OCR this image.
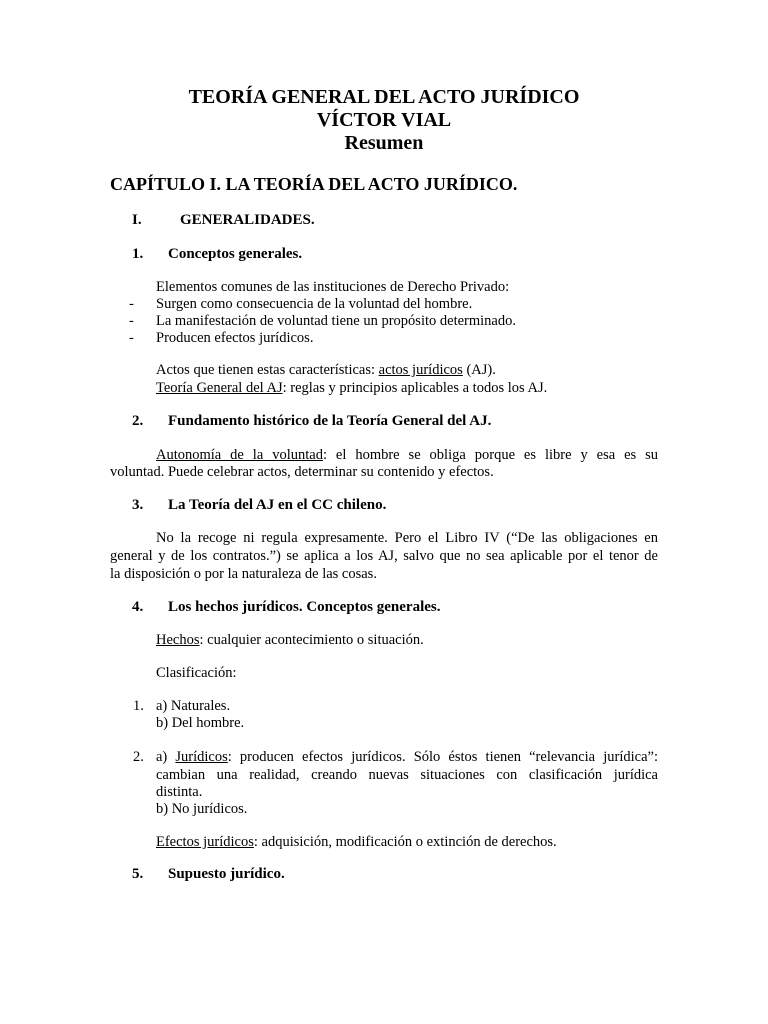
TEORÍA GENERAL DEL ACTO JURÍDICO
VÍCTOR VIAL
Resumen
CAPÍTULO I. LA TEORÍA DEL ACTO JURÍDICO.
I.	GENERALIDADES.
1. Conceptos generales.
Elementos comunes de las instituciones de Derecho Privado:
- Surgen como consecuencia de la voluntad del hombre.
- La manifestación de voluntad tiene un propósito determinado.
- Producen efectos jurídicos.
Actos que tienen estas características: actos jurídicos (AJ).
Teoría General del AJ: reglas y principios aplicables a todos los AJ.
2. Fundamento histórico de la Teoría General del AJ.
Autonomía de la voluntad: el hombre se obliga porque es libre y esa es su
voluntad. Puede celebrar actos, determinar su contenido y efectos.
3. La Teoría del AJ en el CC chileno.
No la recoge ni regula expresamente. Pero el Libro IV (“De las obligaciones en
general y de los contratos.”) se aplica a los AJ, salvo que no sea aplicable por el tenor de
la disposición o por la naturaleza de las cosas.
4. Los hechos jurídicos. Conceptos generales.
Hechos: cualquier acontecimiento o situación.
Clasificación:
1. a) Naturales.
b) Del hombre.
2. a) Jurídicos: producen efectos jurídicos. Sólo éstos tienen “relevancia jurídica”:
cambian una realidad, creando nuevas situaciones con clasificación jurídica
distinta.
b) No jurídicos.
Efectos jurídicos: adquisición, modificación o extinción de derechos.
5. Supuesto jurídico.
